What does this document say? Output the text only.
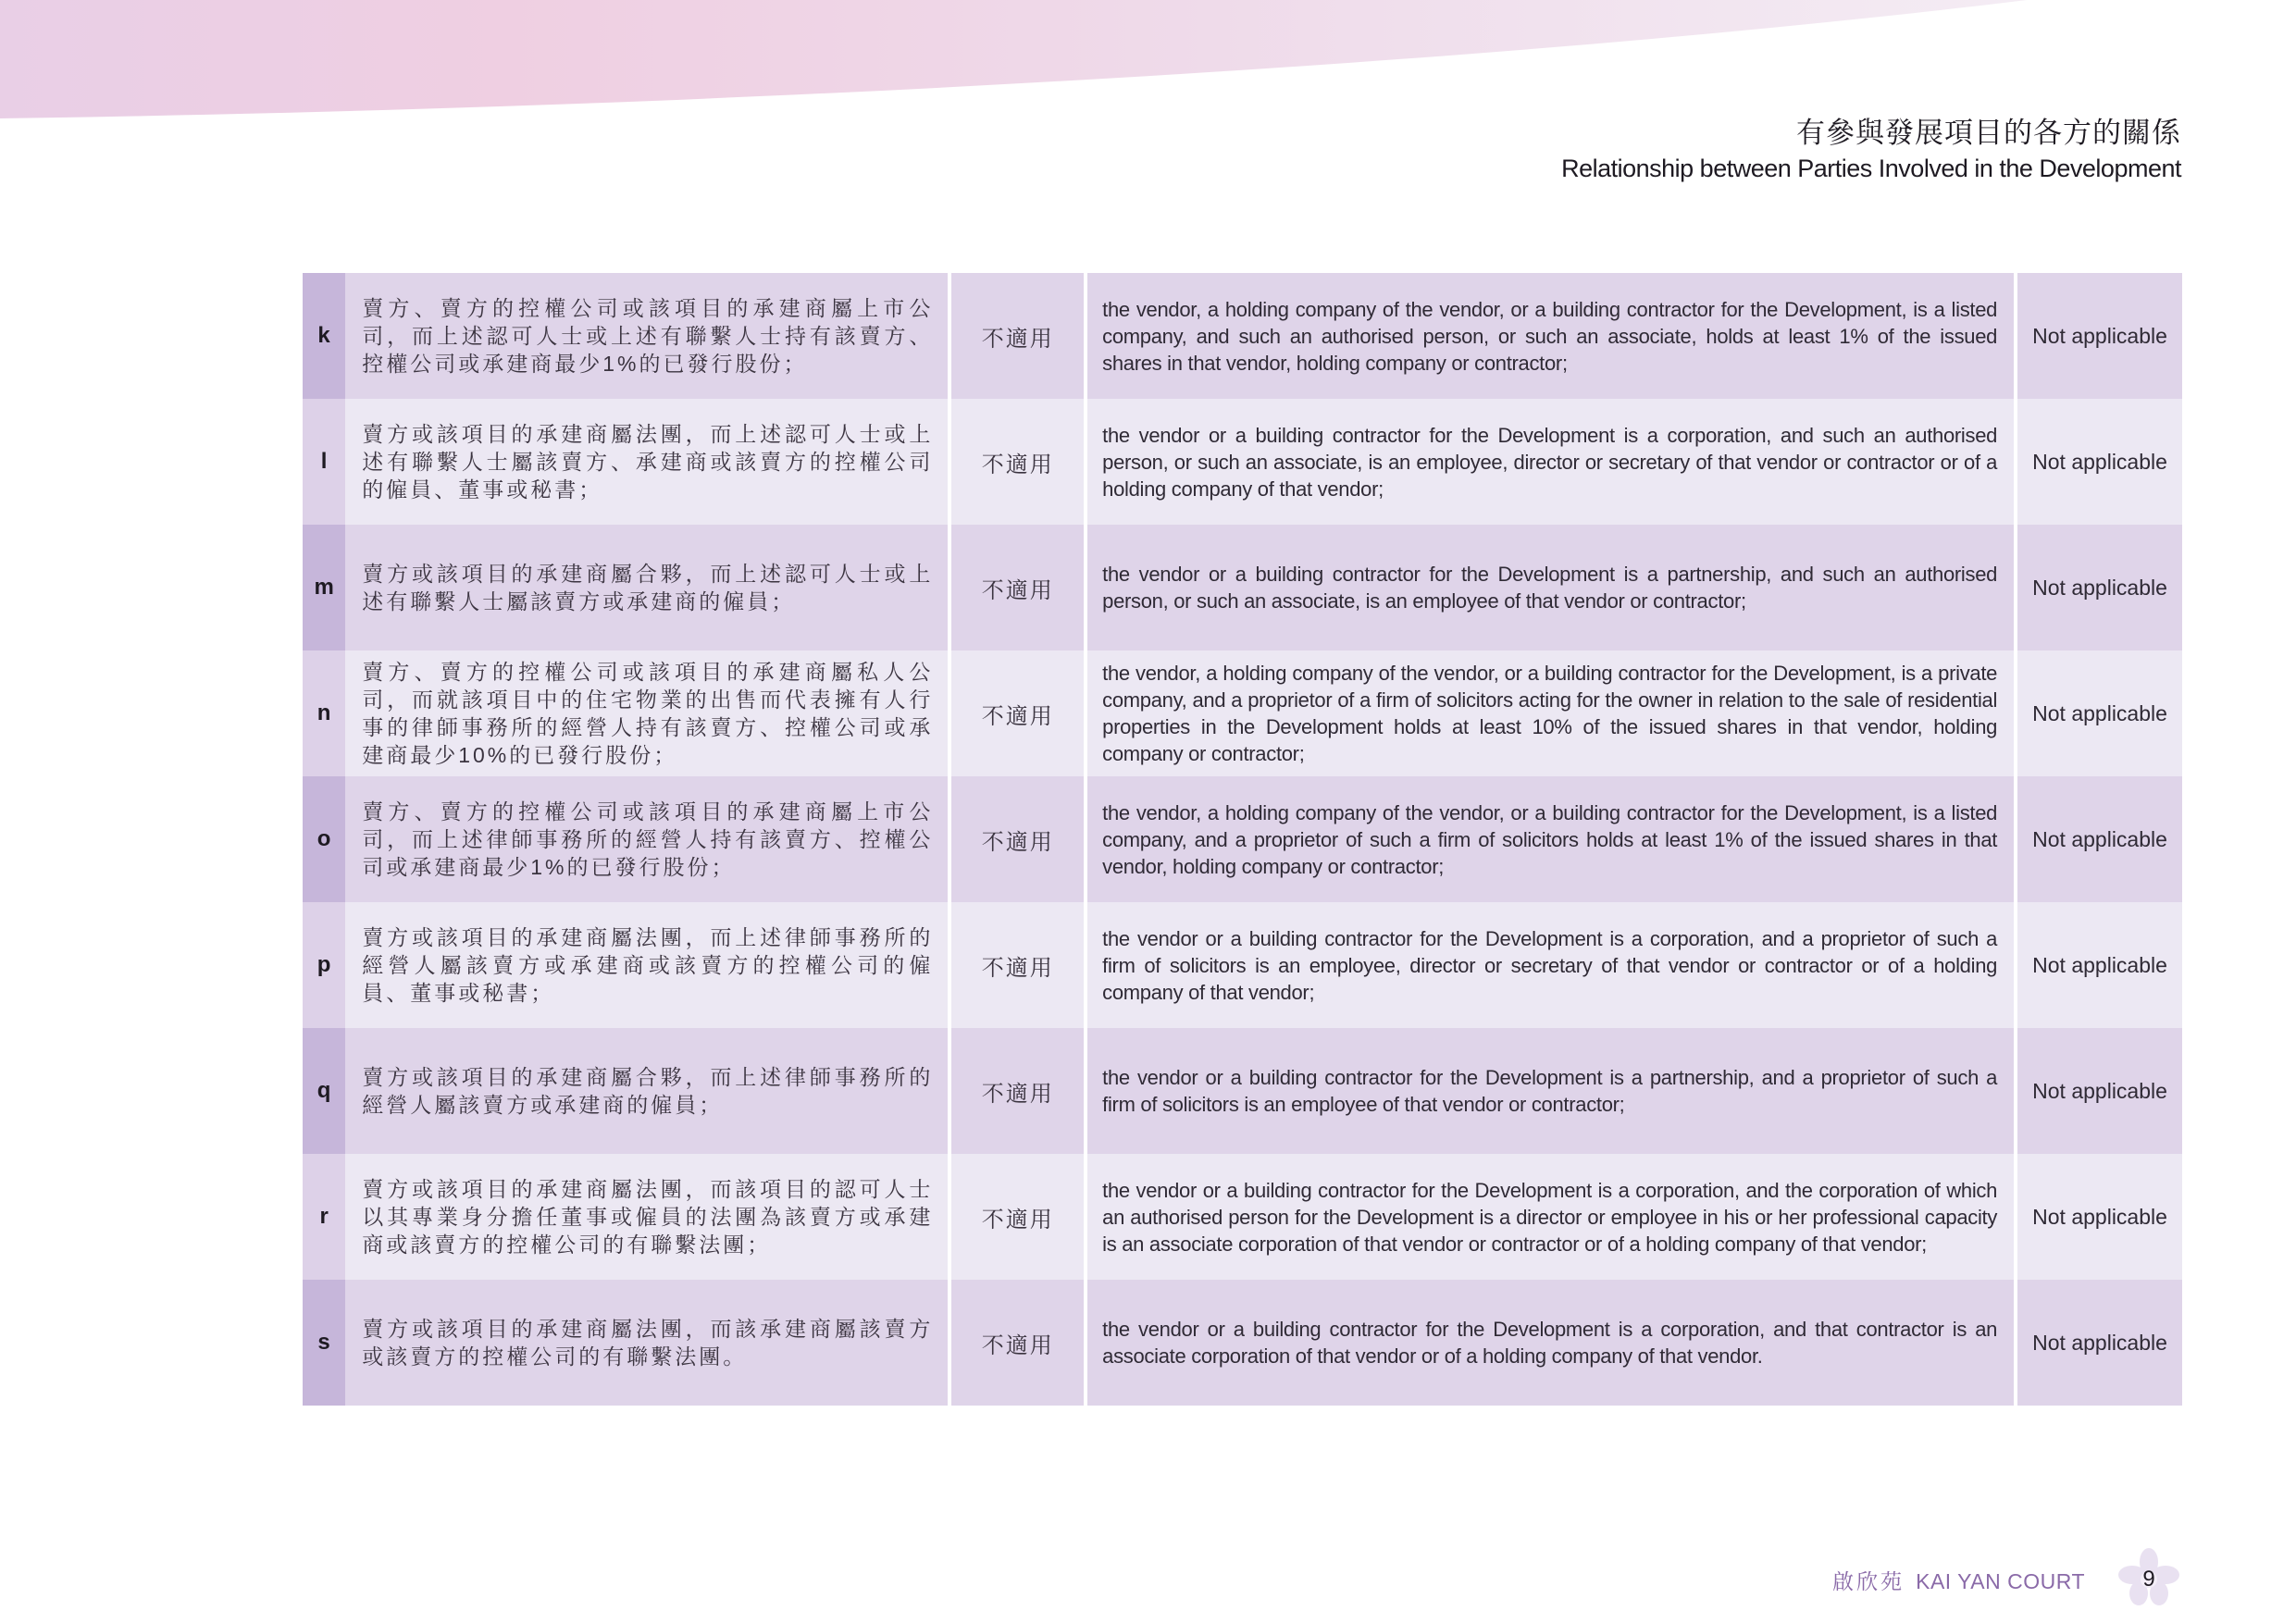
有參與發展項目的各方的關係
Relationship between Parties Involved in the Development
k	賣方、賣方的控權公司或該項目的承建商屬上市公司，而上述認可人士或上述有聯繫人士持有該賣方、控權公司或承建商最少1%的已發行股份；	不適用	the vendor, a holding company of the vendor, or a building contractor for the Development, is a listed company, and such an authorised person, or such an associate, holds at least 1% of the issued shares in that vendor, holding company or contractor;	Not applicable
l	賣方或該項目的承建商屬法團，而上述認可人士或上述有聯繫人士屬該賣方、承建商或該賣方的控權公司的僱員、董事或秘書；	不適用	the vendor or a building contractor for the Development is a corporation, and such an authorised person, or such an associate, is an employee, director or secretary of that vendor or contractor or of a holding company of that vendor;	Not applicable
m	賣方或該項目的承建商屬合夥，而上述認可人士或上述有聯繫人士屬該賣方或承建商的僱員；	不適用	the vendor or a building contractor for the Development is a partnership, and such an authorised person, or such an associate, is an employee of that vendor or contractor;	Not applicable
n	賣方、賣方的控權公司或該項目的承建商屬私人公司，而就該項目中的住宅物業的出售而代表擁有人行事的律師事務所的經營人持有該賣方、控權公司或承建商最少10%的已發行股份；	不適用	the vendor, a holding company of the vendor, or a building contractor for the Development, is a private company, and a proprietor of a firm of solicitors acting for the owner in relation to the sale of residential properties in the Development holds at least 10% of the issued shares in that vendor, holding company or contractor;	Not applicable
o	賣方、賣方的控權公司或該項目的承建商屬上市公司，而上述律師事務所的經營人持有該賣方、控權公司或承建商最少1%的已發行股份；	不適用	the vendor, a holding company of the vendor, or a building contractor for the Development, is a listed company, and a proprietor of such a firm of solicitors holds at least 1% of the issued shares in that vendor, holding company or contractor;	Not applicable
p	賣方或該項目的承建商屬法團，而上述律師事務所的經營人屬該賣方或承建商或該賣方的控權公司的僱員、董事或秘書；	不適用	the vendor or a building contractor for the Development is a corporation, and a proprietor of such a firm of solicitors is an employee, director or secretary of that vendor or contractor or of a holding company of that vendor;	Not applicable
q	賣方或該項目的承建商屬合夥，而上述律師事務所的經營人屬該賣方或承建商的僱員；	不適用	the vendor or a building contractor for the Development is a partnership, and a proprietor of such a firm of solicitors is an employee of that vendor or contractor;	Not applicable
r	賣方或該項目的承建商屬法團，而該項目的認可人士以其專業身分擔任董事或僱員的法團為該賣方或承建商或該賣方的控權公司的有聯繫法團；	不適用	the vendor or a building contractor for the Development is a corporation, and the corporation of which an authorised person for the Development is a director or employee in his or her professional capacity is an associate corporation of that vendor or contractor or of a holding company of that vendor;	Not applicable
s	賣方或該項目的承建商屬法團，而該承建商屬該賣方或該賣方的控權公司的有聯繫法團。	不適用	the vendor or a building contractor for the Development is a corporation, and that contractor is an associate corporation of that vendor or of a holding company of that vendor.	Not applicable
啟欣苑 KAI YAN COURT	9
